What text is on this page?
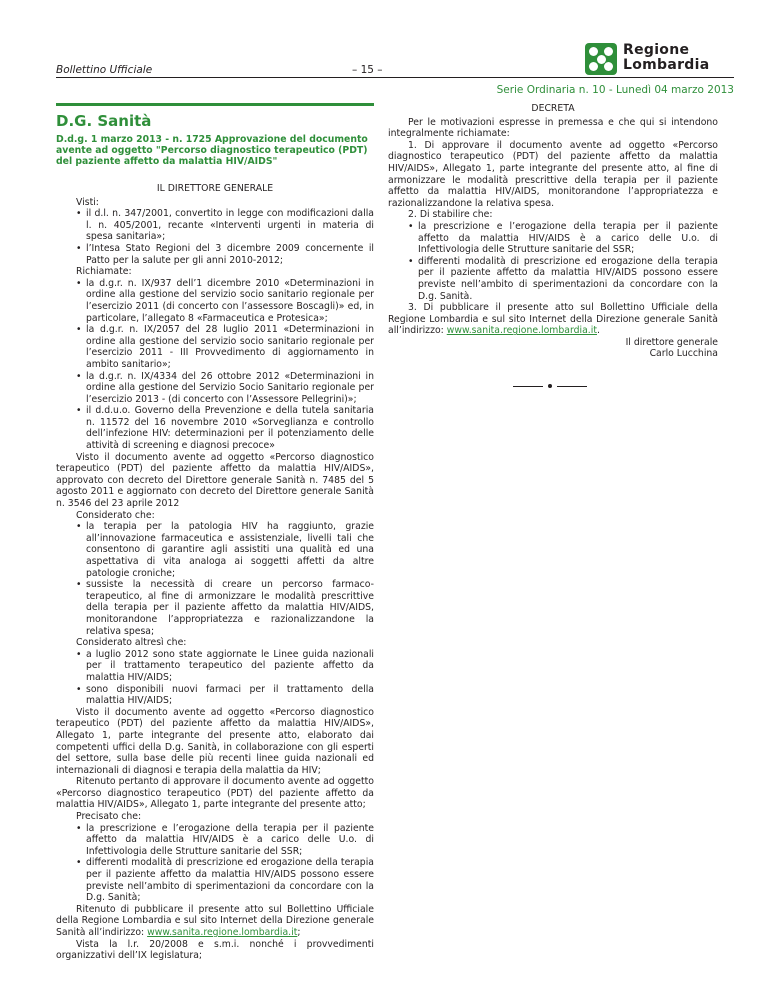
Bollettino Ufficiale	– 15 –
Regione
Lombardia
Serie Ordinaria n. 10 - Lunedì 04 marzo 2013
D.G. Sanità
D.d.g. 1 marzo 2013 - n. 1725 Approvazione del documento avente ad oggetto "Percorso diagnostico terapeutico (PDT) del paziente affetto da malattia HIV/AIDS"

IL DIRETTORE GENERALE

Visti:

• il d.l. n. 347/2001, convertito in legge con modificazioni dalla l. n. 405/2001, recante «Interventi urgenti in materia di spesa sanitaria»;

• l’Intesa Stato Regioni del 3 dicembre 2009 concernente il Patto per la salute per gli anni 2010-2012;

Richiamate:

• la d.g.r. n. IX/937 dell’1 dicembre 2010 «Determinazioni in ordine alla gestione del servizio socio sanitario regionale per l’esercizio 2011 (di concerto con l’assessore Boscagli)» ed, in particolare, l’allegato 8 «Farmaceutica e Protesica»;

• la d.g.r. n. IX/2057 del 28 luglio 2011 «Determinazioni in ordine alla gestione del servizio socio sanitario regionale per l’esercizio 2011 - III Provvedimento di aggiornamento in ambito sanitario»;

• la d.g.r. n. IX/4334 del 26 ottobre 2012 «Determinazioni in ordine alla gestione del Servizio Socio Sanitario regionale per l’esercizio 2013 - (di concerto con l’Assessore Pellegrini)»;

• il d.d.u.o. Governo della Prevenzione e della tutela sanitaria n. 11572 del 16 novembre 2010 «Sorveglianza e controllo dell’infezione HIV: determinazioni per il potenziamento delle attività di screening e diagnosi precoce»

Visto il documento avente ad oggetto «Percorso diagnostico terapeutico (PDT) del paziente affetto da malattia HIV/AIDS», approvato con decreto del Direttore generale Sanità n. 7485 del 5 agosto 2011 e aggiornato con decreto del Direttore generale Sanità n. 3546 del 23 aprile 2012

Considerato che:

• la terapia per la patologia HIV ha raggiunto, grazie all’innovazione farmaceutica e assistenziale, livelli tali che consentono di garantire agli assistiti una qualità ed una aspettativa di vita analoga ai soggetti affetti da altre patologie croniche;

• sussiste la necessità di creare un percorso farmaco-terapeutico, al fine di armonizzare le modalità prescrittive della terapia per il paziente affetto da malattia HIV/AIDS, monitorandone l’appropriatezza e razionalizzandone la relativa spesa;

Considerato altresì che:

• a luglio 2012 sono state aggiornate le Linee guida nazionali per il trattamento terapeutico del paziente affetto da malattia HIV/AIDS;

• sono disponibili nuovi farmaci per il trattamento della malattia HIV/AIDS;

Visto il documento avente ad oggetto «Percorso diagnostico terapeutico (PDT) del paziente affetto da malattia HIV/AIDS», Allegato 1, parte integrante del presente atto, elaborato dai competenti uffici della D.g. Sanità, in collaborazione con gli esperti del settore, sulla base delle più recenti linee guida nazionali ed internazionali di diagnosi e terapia della malattia da HIV;

Ritenuto pertanto di approvare il documento avente ad oggetto «Percorso diagnostico terapeutico (PDT) del paziente affetto da malattia HIV/AIDS», Allegato 1, parte integrante del presente atto;

Precisato che:

• la prescrizione e l’erogazione della terapia per il paziente affetto da malattia HIV/AIDS è a carico delle U.o. di Infettivologia delle Strutture sanitarie del SSR;

• differenti modalità di prescrizione ed erogazione della terapia per il paziente affetto da malattia HIV/AIDS possono essere previste nell’ambito di sperimentazioni da concordare con la D.g. Sanità;

Ritenuto di pubblicare il presente atto sul Bollettino Ufficiale della Regione Lombardia e sul sito Internet della Direzione generale Sanità all’indirizzo: www.sanita.regione.lombardia.it;

Vista la l.r. 20/2008 e s.m.i. nonché i provvedimenti organizzativi dell’IX legislatura;

DECRETA

Per le motivazioni espresse in premessa e che qui si intendono integralmente richiamate:

1. Di approvare il documento avente ad oggetto «Percorso diagnostico terapeutico (PDT) del paziente affetto da malattia HIV/AIDS», Allegato 1, parte integrante del presente atto, al fine di armonizzare le modalità prescrittive della terapia per il paziente affetto da malattia HIV/AIDS, monitorandone l’appropriatezza e razionalizzandone la relativa spesa.

2. Di stabilire che:

• la prescrizione e l’erogazione della terapia per il paziente affetto da malattia HIV/AIDS è a carico delle U.o. di Infettivologia delle Strutture sanitarie del SSR;

• differenti modalità di prescrizione ed erogazione della terapia per il paziente affetto da malattia HIV/AIDS possono essere previste nell’ambito di sperimentazioni da concordare con la D.g. Sanità.

3. Di pubblicare il presente atto sul Bollettino Ufficiale della Regione Lombardia e sul sito Internet della Direzione generale Sanità all’indirizzo: www.sanita.regione.lombardia.it.

Il direttore generale

Carlo Lucchina
